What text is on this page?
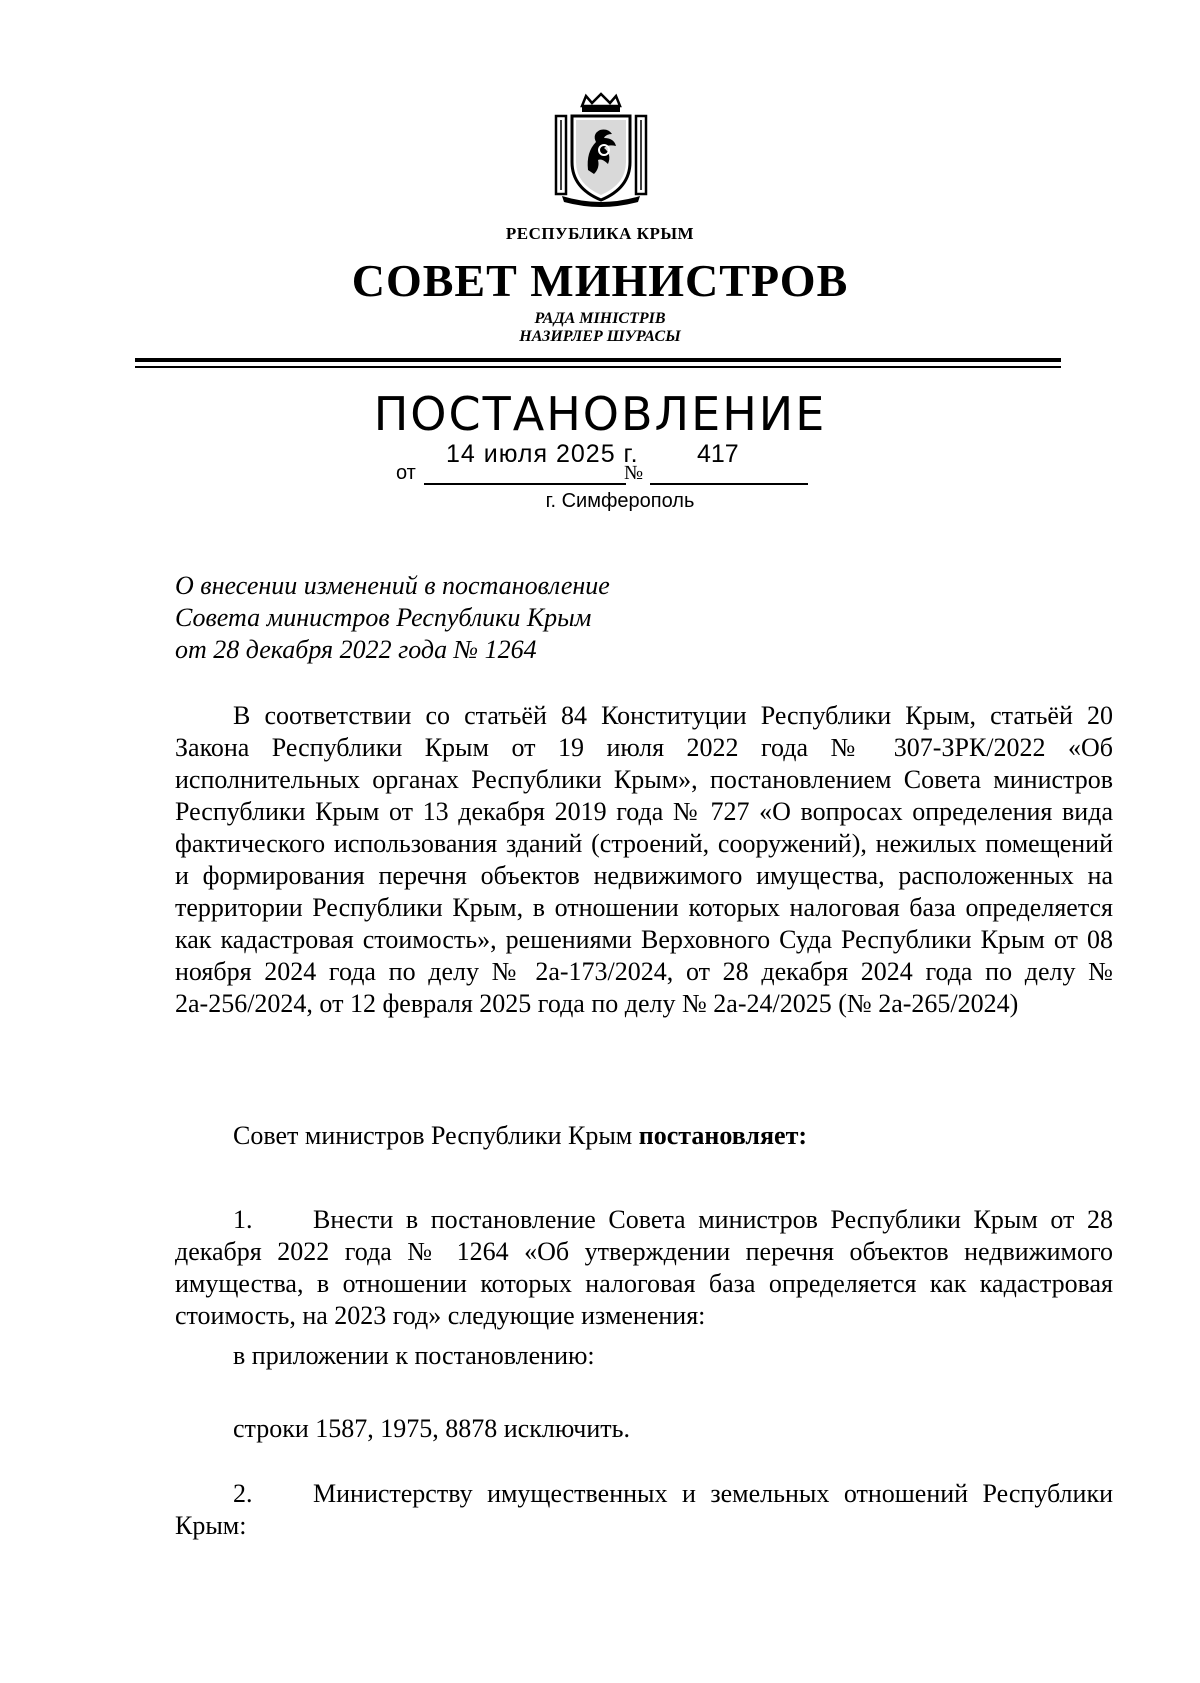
РЕСПУБЛИКА КРЫМ
СОВЕТ МИНИСТРОВ
РАДА МІНІСТРІВ
НАЗИРЛЕР ШУРАСЫ
ПОСТАНОВЛЕНИЕ
14 июля 2025 г. 417
от	№
г. Симферополь
О внесении изменений в постановление
Совета министров Республики Крым
от 28 декабря 2022 года № 1264
В соответствии со статьёй 84 Конституции Республики Крым, статьёй 20 Закона Республики Крым от 19 июля 2022 года № 307-ЗРК/2022 «Об исполнительных органах Республики Крым», постановлением Совета министров Республики Крым от 13 декабря 2019 года № 727 «О вопросах определения вида фактического использования зданий (строений, сооружений), нежилых помещений и формирования перечня объектов недвижимого имущества, расположенных на территории Республики Крым, в отношении которых налоговая база определяется как кадастровая стоимость», решениями Верховного Суда Республики Крым от 08 ноября 2024 года по делу № 2а-173/2024, от 28 декабря 2024 года по делу № 2а-256/2024, от 12 февраля 2025 года по делу № 2а-24/2025 (№ 2а-265/2024)
Совет министров Республики Крым постановляет:
1. Внести в постановление Совета министров Республики Крым от 28 декабря 2022 года № 1264 «Об утверждении перечня объектов недвижимого имущества, в отношении которых налоговая база определяется как кадастровая стоимость, на 2023 год» следующие изменения:
в приложении к постановлению:
строки 1587, 1975, 8878 исключить.
2. Министерству имущественных и земельных отношений Республики Крым:
